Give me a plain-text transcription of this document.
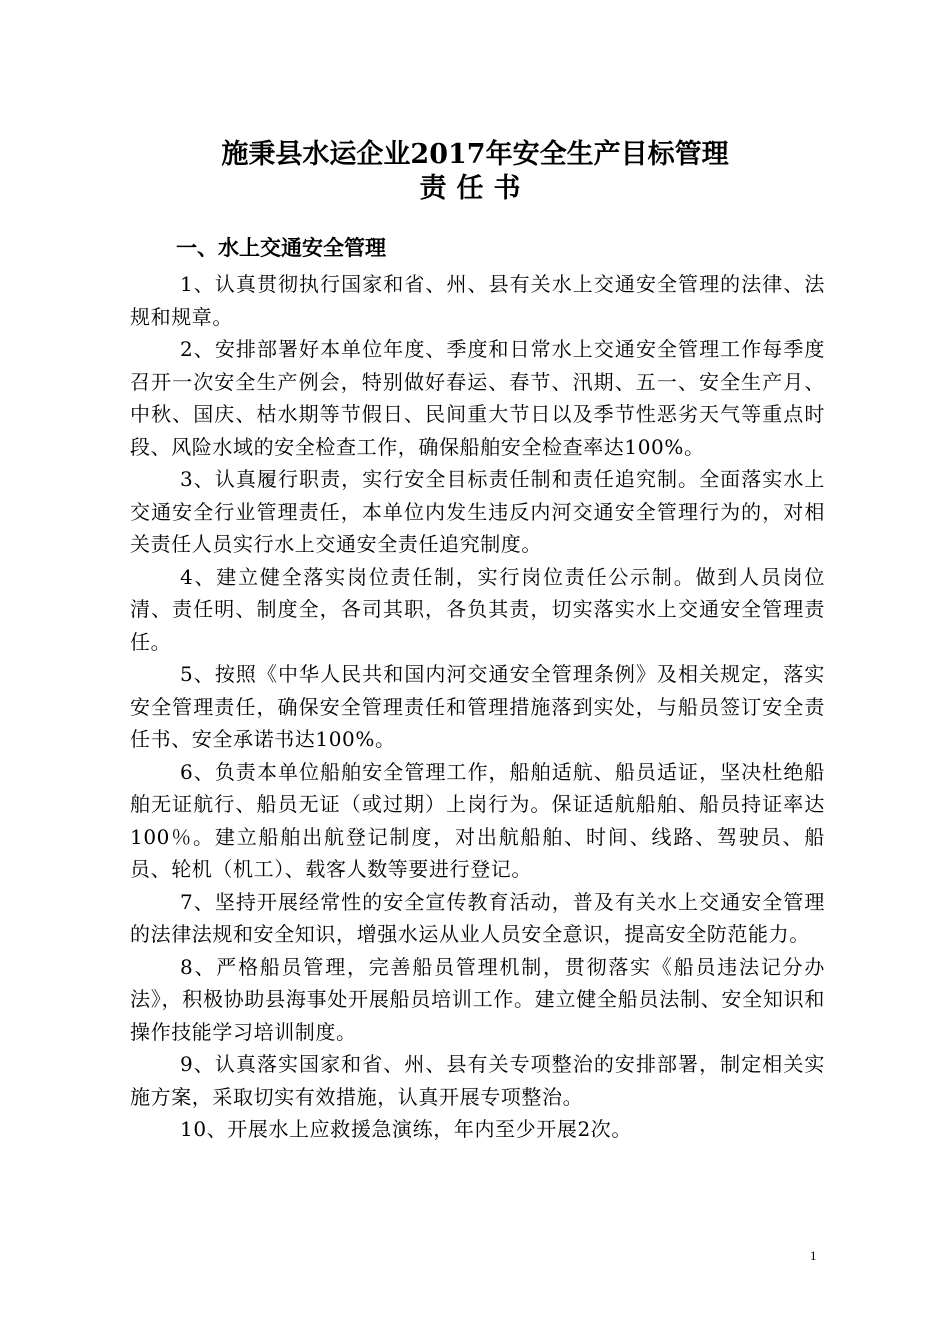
施秉县水运企业2017年安全生产目标管理
责任书
一、水上交通安全管理

1、认真贯彻执行国家和省、州、县有关水上交通安全管理的法律、法规和规章。

2、安排部署好本单位年度、季度和日常水上交通安全管理工作每季度召开一次安全生产例会，特别做好春运、春节、汛期、五一、安全生产月、中秋、国庆、枯水期等节假日、民间重大节日以及季节性恶劣天气等重点时段、风险水域的安全检查工作，确保船舶安全检查率达100%。

3、认真履行职责，实行安全目标责任制和责任追究制。全面落实水上交通安全行业管理责任，本单位内发生违反内河交通安全管理行为的，对相关责任人员实行水上交通安全责任追究制度。

4、建立健全落实岗位责任制，实行岗位责任公示制。做到人员岗位清、责任明、制度全，各司其职，各负其责，切实落实水上交通安全管理责任。

5、按照《中华人民共和国内河交通安全管理条例》及相关规定，落实安全管理责任，确保安全管理责任和管理措施落到实处，与船员签订安全责任书、安全承诺书达100%。

6、负责本单位船舶安全管理工作，船舶适航、船员适证，坚决杜绝船舶无证航行、船员无证（或过期）上岗行为。保证适航船舶、船员持证率达100％。建立船舶出航登记制度，对出航船舶、时间、线路、驾驶员、船员、轮机（机工）、载客人数等要进行登记。

7、坚持开展经常性的安全宣传教育活动，普及有关水上交通安全管理的法律法规和安全知识，增强水运从业人员安全意识，提高安全防范能力。

8、严格船员管理，完善船员管理机制，贯彻落实《船员违法记分办法》，积极协助县海事处开展船员培训工作。建立健全船员法制、安全知识和操作技能学习培训制度。

9、认真落实国家和省、州、县有关专项整治的安排部署，制定相关实施方案，采取切实有效措施，认真开展专项整治。

10、开展水上应救援急演练，年内至少开展2次。

1
